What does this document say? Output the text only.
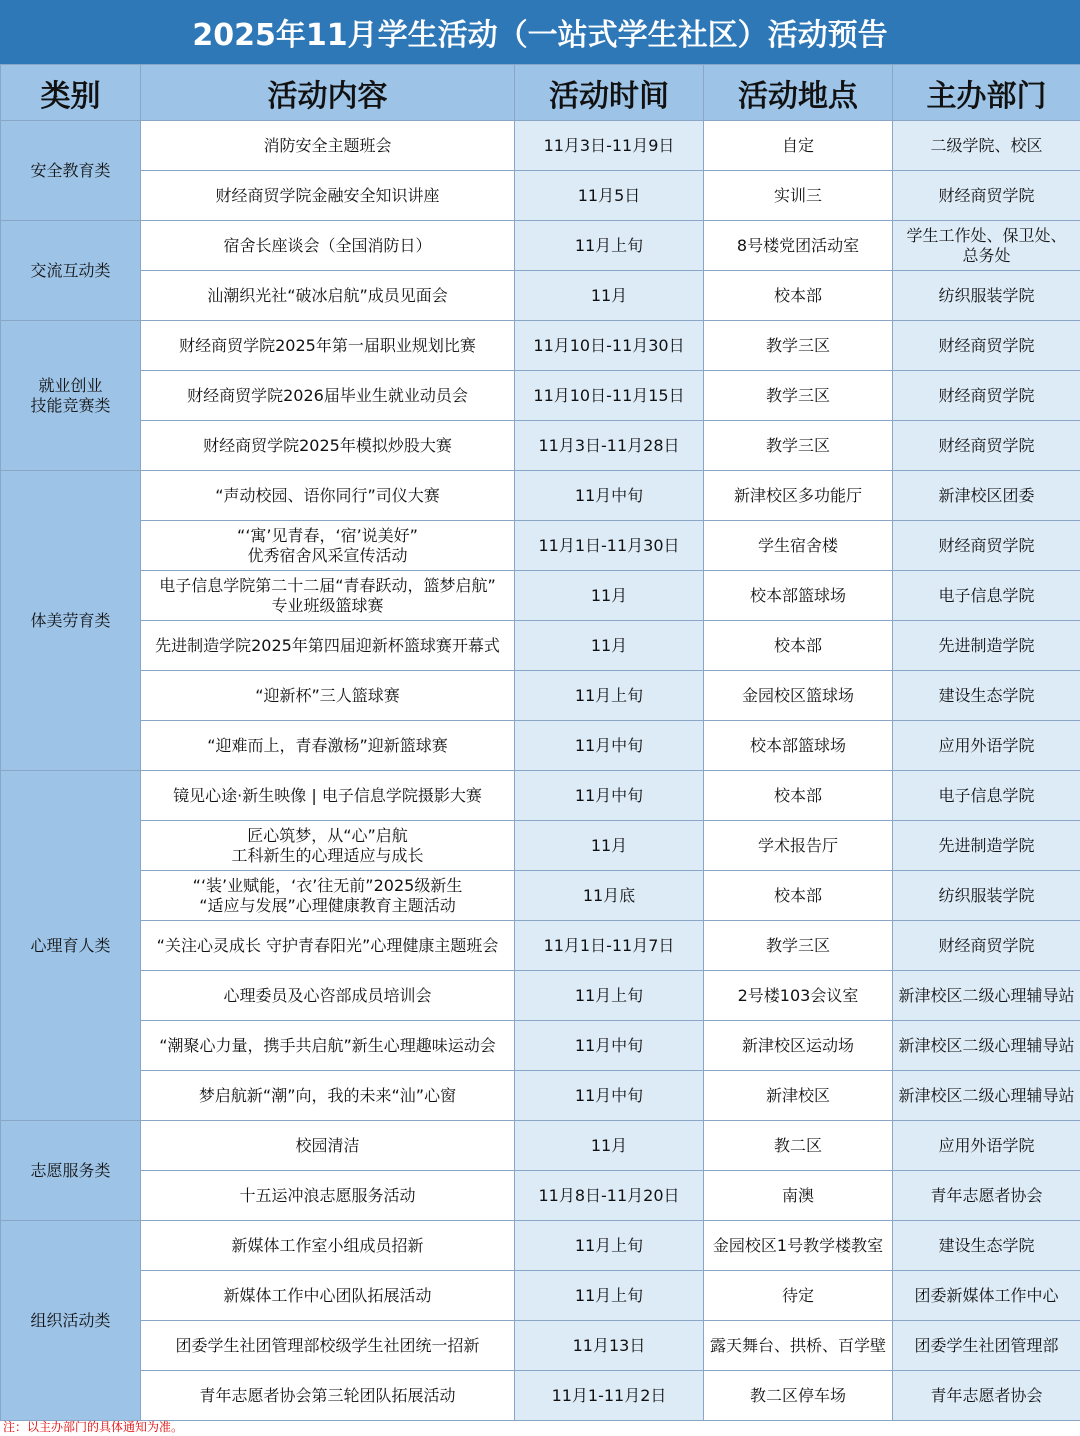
2025年11月学生活动（一站式学生社区）活动预告
类别	活动内容	活动时间	活动地点	主办部门
安全教育类	消防安全主题班会	11月3日-11月9日	自定	二级学院、校区
	财经商贸学院金融安全知识讲座	11月5日	实训三	财经商贸学院
交流互动类	宿舍长座谈会（全国消防日）	11月上旬	8号楼党团活动室	学生工作处、保卫处、
总务处
	汕潮织光社“破冰启航”成员见面会	11月	校本部	纺织服装学院
就业创业
技能竞赛类	财经商贸学院2025年第一届职业规划比赛	11月10日-11月30日	教学三区	财经商贸学院
	财经商贸学院2026届毕业生就业动员会	11月10日-11月15日	教学三区	财经商贸学院
	财经商贸学院2025年模拟炒股大赛	11月3日-11月28日	教学三区	财经商贸学院
体美劳育类	“声动校园、语你同行”司仪大赛	11月中旬	新津校区多功能厅	新津校区团委
	“‘寓’见青春，‘宿’说美好”
优秀宿舍风采宣传活动	11月1日-11月30日	学生宿舍楼	财经商贸学院
	电子信息学院第二十二届“青春跃动，篮梦启航”
专业班级篮球赛	11月	校本部篮球场	电子信息学院
	先进制造学院2025年第四届迎新杯篮球赛开幕式	11月	校本部	先进制造学院
	“迎新杯”三人篮球赛	11月上旬	金园校区篮球场	建设生态学院
	“迎难而上，青春激杨”迎新篮球赛	11月中旬	校本部篮球场	应用外语学院
心理育人类	镜见心途·新生映像 | 电子信息学院摄影大赛	11月中旬	校本部	电子信息学院
	匠心筑梦，从“心”启航
工科新生的心理适应与成长	11月	学术报告厅	先进制造学院
	“‘装’业赋能，‘衣’往无前”2025级新生
“适应与发展”心理健康教育主题活动	11月底	校本部	纺织服装学院
	“关注心灵成长 守护青春阳光”心理健康主题班会	11月1日-11月7日	教学三区	财经商贸学院
	心理委员及心咨部成员培训会	11月上旬	2号楼103会议室	新津校区二级心理辅导站
	“潮聚心力量，携手共启航”新生心理趣味运动会	11月中旬	新津校区运动场	新津校区二级心理辅导站
	梦启航新“潮”向，我的未来“汕”心窗	11月中旬	新津校区	新津校区二级心理辅导站
志愿服务类	校园清洁	11月	教二区	应用外语学院
	十五运冲浪志愿服务活动	11月8日-11月20日	南澳	青年志愿者协会
组织活动类	新媒体工作室小组成员招新	11月上旬	金园校区1号教学楼教室	建设生态学院
	新媒体工作中心团队拓展活动	11月上旬	待定	团委新媒体工作中心
	团委学生社团管理部校级学生社团统一招新	11月13日	露天舞台、拱桥、百学壁	团委学生社团管理部
	青年志愿者协会第三轮团队拓展活动	11月1-11月2日	教二区停车场	青年志愿者协会
注：以主办部门的具体通知为准。
